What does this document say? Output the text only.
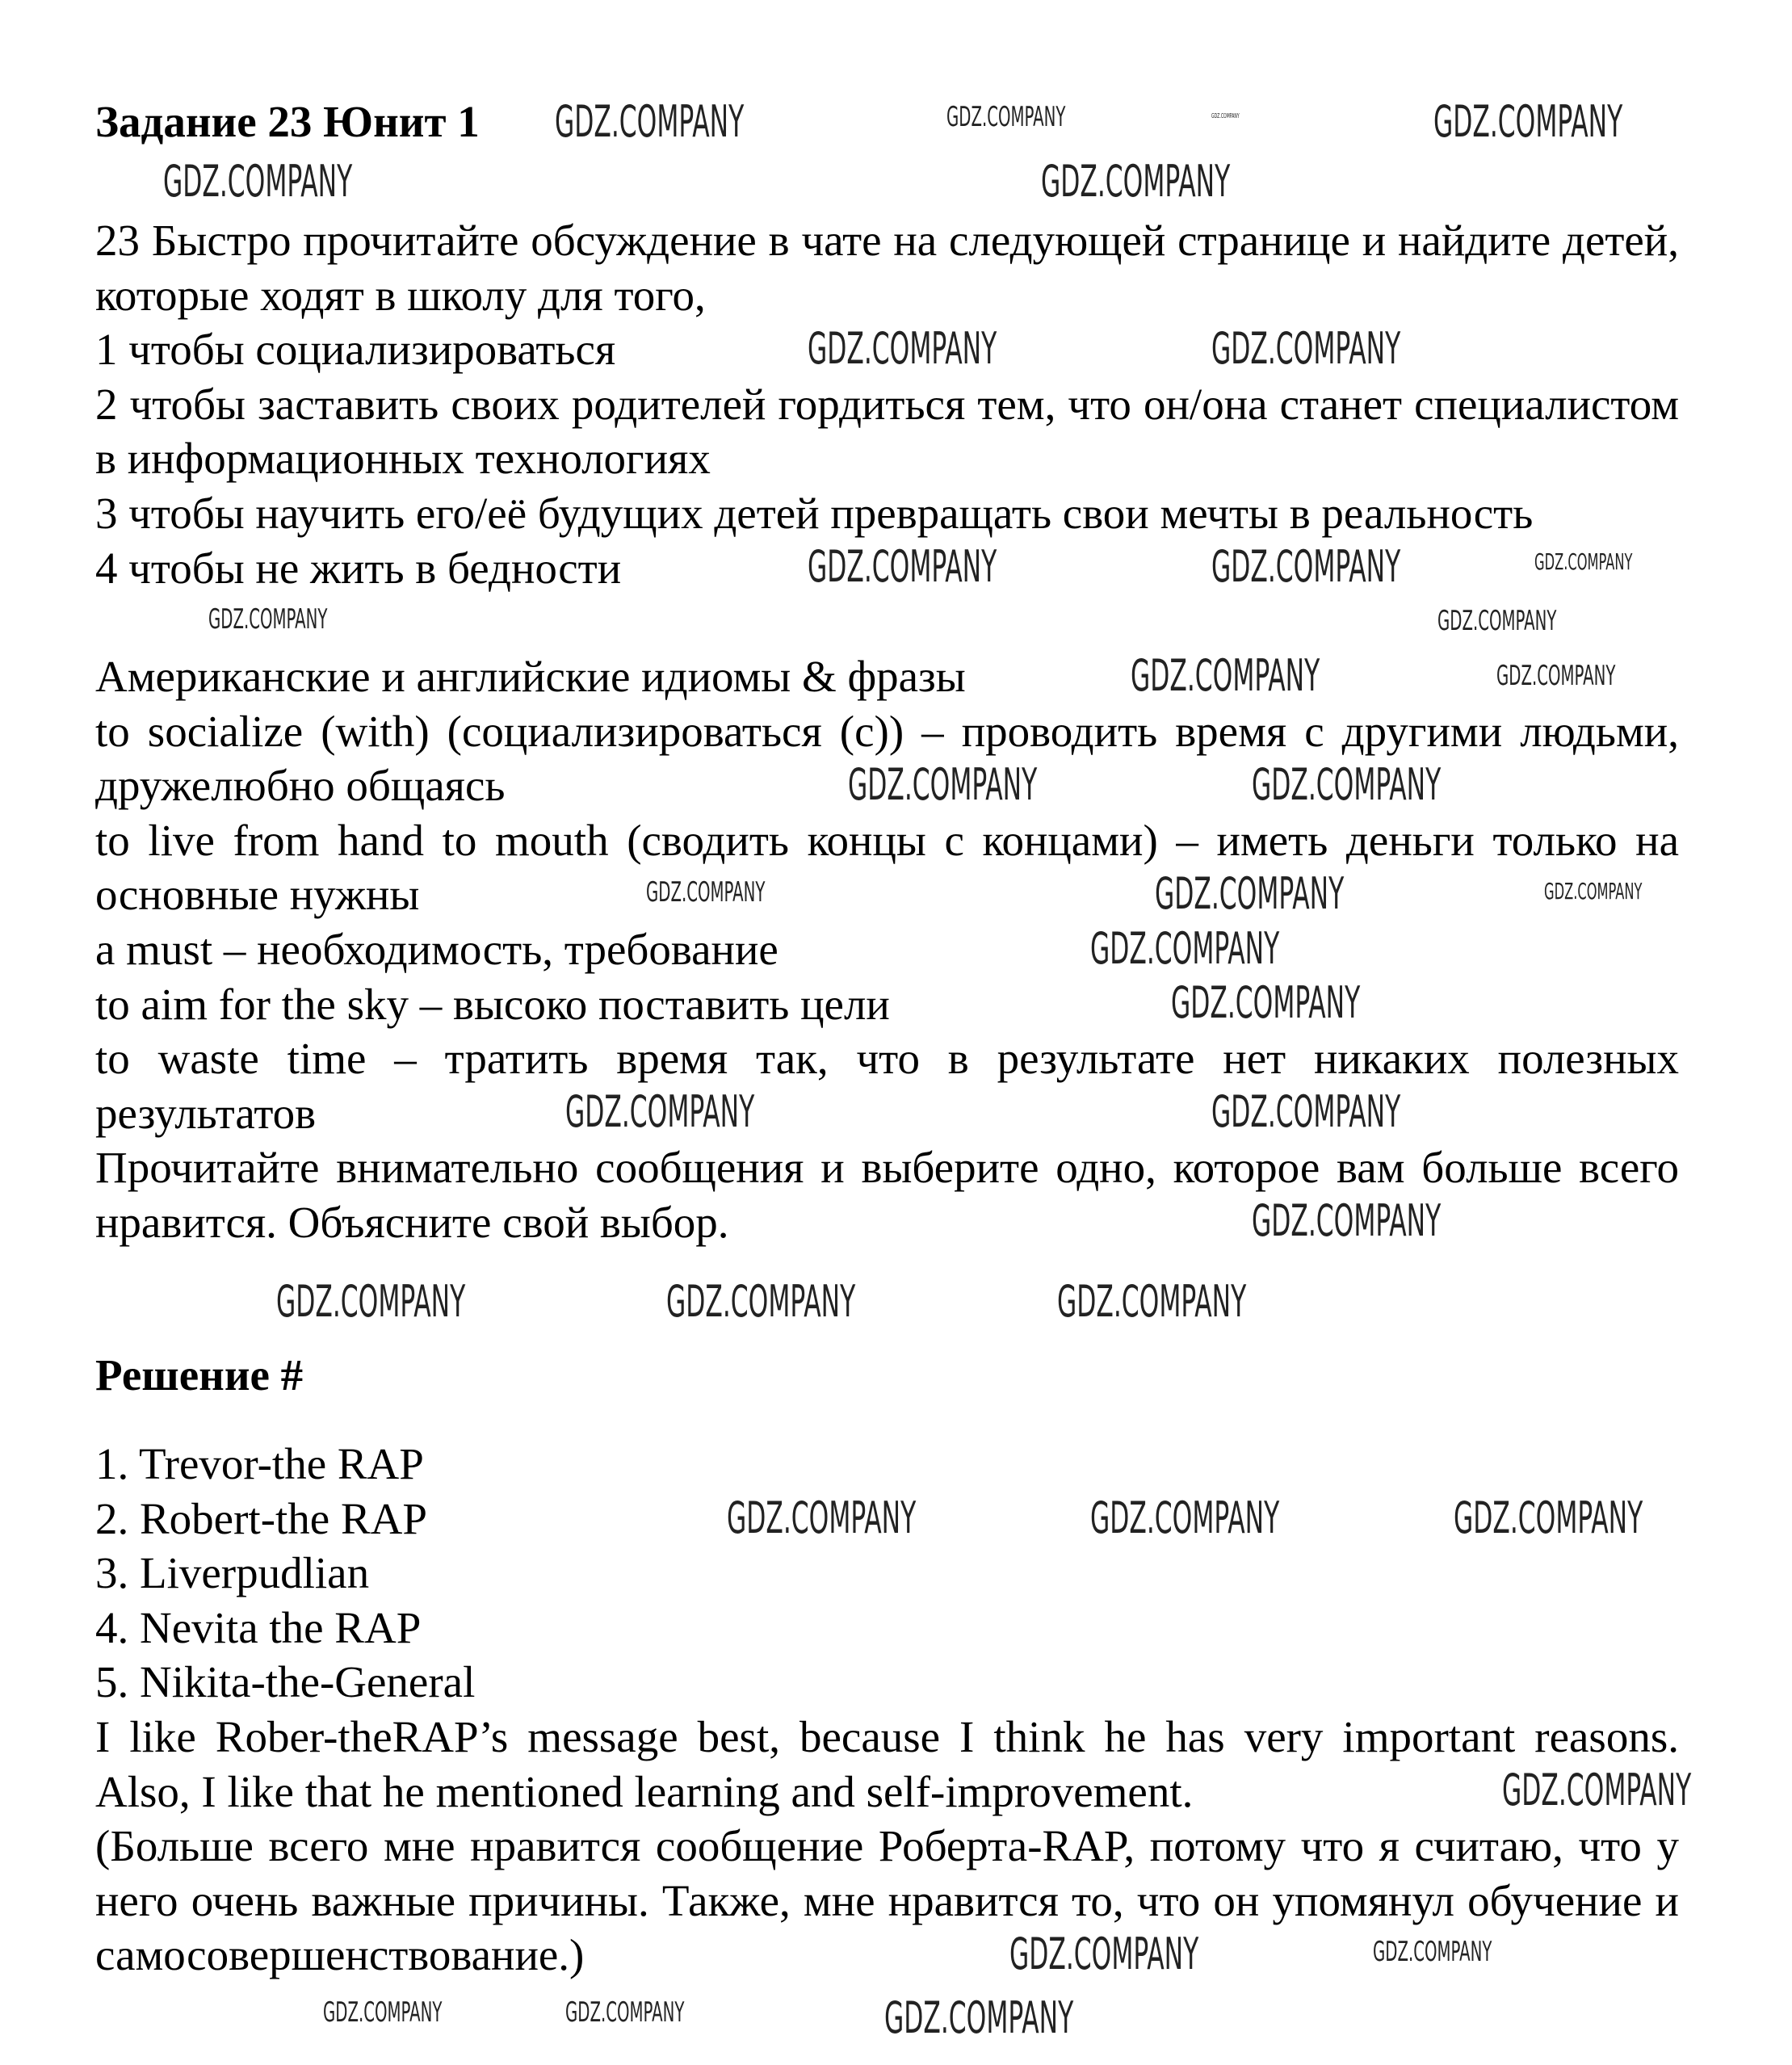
Задание 23 Юнит 1

23 Быстро прочитайте обсуждение в чате на следующей странице и найдите детей, которые ходят в школу для того,

1 чтобы социализироваться

2 чтобы заставить своих родителей гордиться тем, что он/она станет специалистом в информационных технологиях

3 чтобы научить его/её будущих детей превращать свои мечты в реальность

4 чтобы не жить в бедности

Американские и английские идиомы & фразы

to socialize (with) (социализироваться (с)) – проводить время с другими людьми, дружелюбно общаясь

to live from hand to mouth (сводить концы с концами) – иметь деньги только на основные нужны

a must – необходимость, требование

to aim for the sky – высоко поставить цели

to waste time – тратить время так, что в результате нет никаких полезных результатов

Прочитайте внимательно сообщения и выберите одно, которое вам больше всего нравится. Объясните свой выбор.

Решение #

1. Trevor-the RAP

2. Robert-the RAP

3. Liverpudlian

4. Nevita the RAP

5. Nikita-the-General

I like Rober-theRAP’s message best, because I think he has very important reasons. Also, I like that he mentioned learning and self-improvement.

(Больше всего мне нравится сообщение Роберта-RAP, потому что я считаю, что у него очень важные причины. Также, мне нравится то, что он упомянул обучение и самосовершенствование.)

GDZ.COMPANY	GDZ.COMPANY	GDZ.COMPANY	GDZ.COMPANY
GDZ.COMPANY	GDZ.COMPANY
GDZ.COMPANY	GDZ.COMPANY
GDZ.COMPANY	GDZ.COMPANY	GDZ.COMPANY
GDZ.COMPANY	GDZ.COMPANY
GDZ.COMPANY	GDZ.COMPANY
GDZ.COMPANY	GDZ.COMPANY
GDZ.COMPANY	GDZ.COMPANY	GDZ.COMPANY
GDZ.COMPANY
GDZ.COMPANY
GDZ.COMPANY	GDZ.COMPANY
GDZ.COMPANY
GDZ.COMPANY	GDZ.COMPANY	GDZ.COMPANY
GDZ.COMPANY	GDZ.COMPANY	GDZ.COMPANY
GDZ.COMPANY
GDZ.COMPANY	GDZ.COMPANY
GDZ.COMPANY	GDZ.COMPANY	GDZ.COMPANY
